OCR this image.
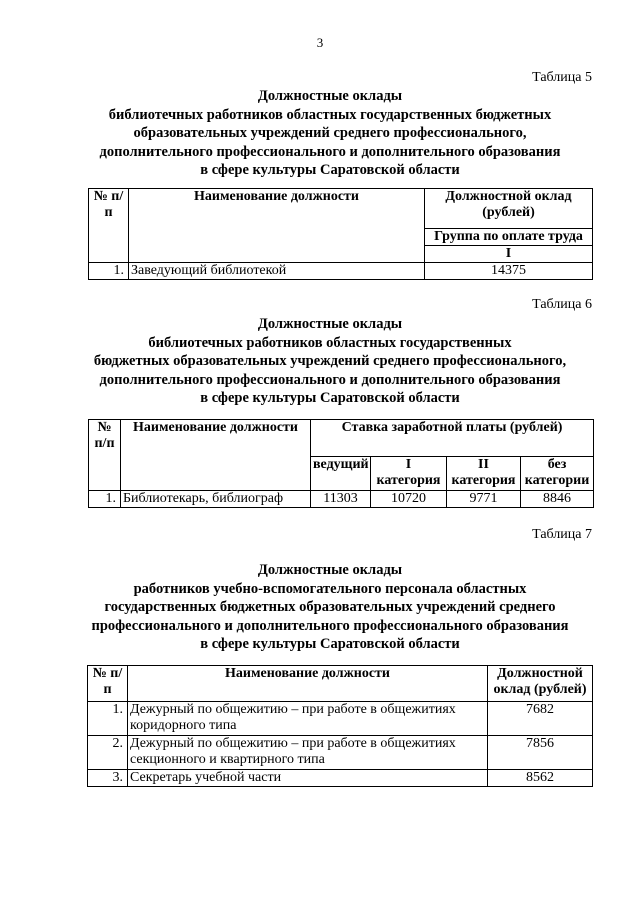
3
Таблица 5
Должностные оклады
библиотечных работников областных государственных бюджетных
образовательных учреждений среднего профессионального,
дополнительного профессионального и дополнительного образования
в сфере культуры Саратовской области
№ п/п	Наименование должности	Должностной оклад (рублей)
		Группа по оплате труда
		I
1.	Заведующий библиотекой	14375
Таблица 6
Должностные оклады
библиотечных работников областных государственных
бюджетных образовательных учреждений среднего профессионального,
дополнительного профессионального и дополнительного образования
в сфере культуры Саратовской области
№ п/п	Наименование должности	Ставка заработной платы (рублей)			
		ведущий	I категория	II категория	без категории
1.	Библиотекарь, библиограф	11303	10720	9771	8846
Таблица 7
Должностные оклады
работников учебно-вспомогательного персонала областных
государственных бюджетных образовательных учреждений среднего
профессионального и дополнительного профессионального образования
в сфере культуры Саратовской области
№ п/п	Наименование должности	Должностной оклад (рублей)
1.	Дежурный по общежитию – при работе в общежитиях коридорного типа	7682
2.	Дежурный по общежитию – при работе в общежитиях секционного и квартирного типа	7856
3.	Секретарь учебной части	8562
